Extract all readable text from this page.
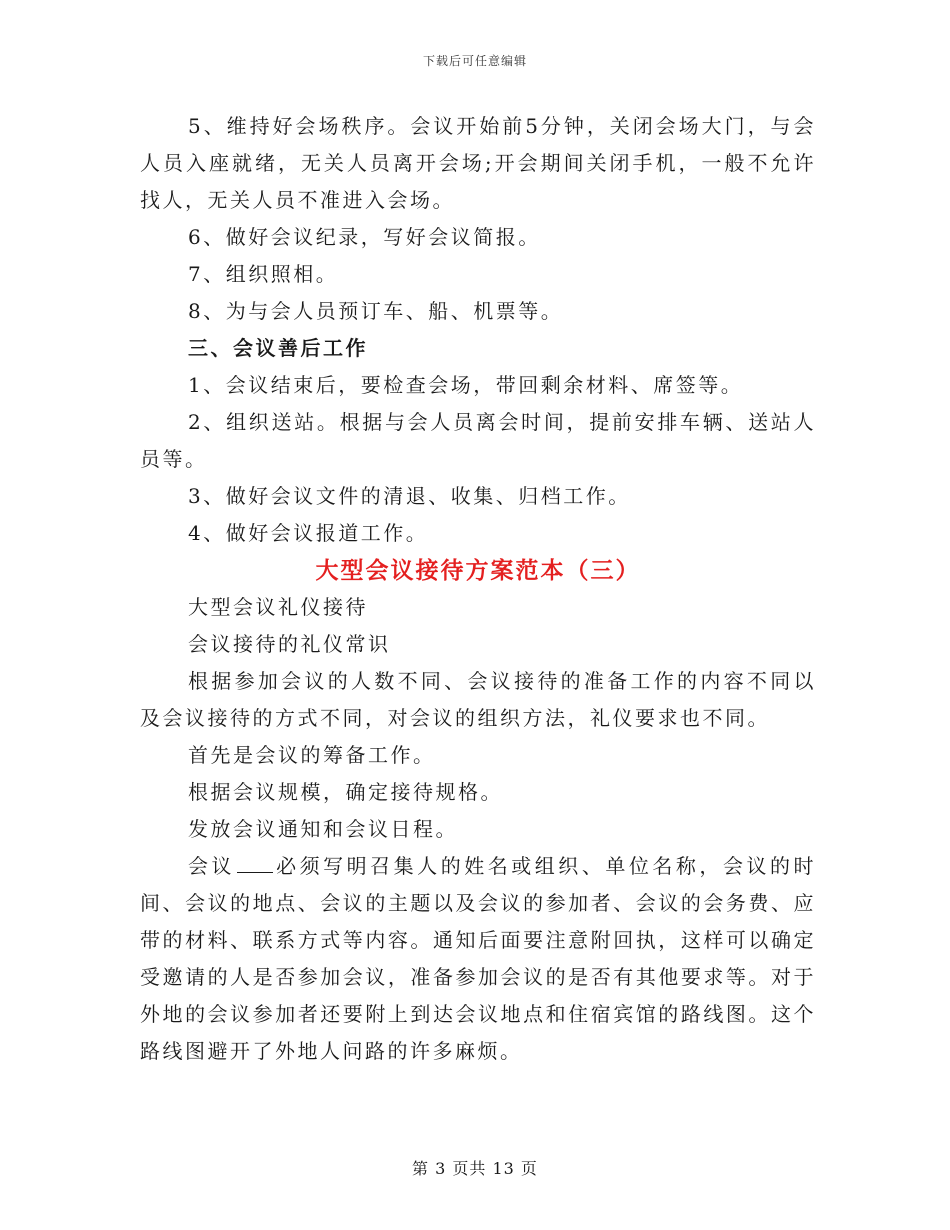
下载后可任意编辑

5、维持好会场秩序。会议开始前5分钟，关闭会场大门，与会人员入座就绪，无关人员离开会场;开会期间关闭手机，一般不允许找人，无关人员不准进入会场。

6、做好会议纪录，写好会议简报。

7、组织照相。

8、为与会人员预订车、船、机票等。

三、会议善后工作

1、会议结束后，要检查会场，带回剩余材料、席签等。

2、组织送站。根据与会人员离会时间，提前安排车辆、送站人员等。

3、做好会议文件的清退、收集、归档工作。

4、做好会议报道工作。

大型会议接待方案范本（三）

大型会议礼仪接待

会议接待的礼仪常识

根据参加会议的人数不同、会议接待的准备工作的内容不同以及会议接待的方式不同，对会议的组织方法，礼仪要求也不同。

首先是会议的筹备工作。

根据会议规模，确定接待规格。

发放会议通知和会议日程。

会议 必须写明召集人的姓名或组织、单位名称，会议的时间、会议的地点、会议的主题以及会议的参加者、会议的会务费、应带的材料、联系方式等内容。通知后面要注意附回执，这样可以确定受邀请的人是否参加会议，准备参加会议的是否有其他要求等。对于外地的会议参加者还要附上到达会议地点和住宿宾馆的路线图。这个路线图避开了外地人问路的许多麻烦。

第 3 页共 13 页
